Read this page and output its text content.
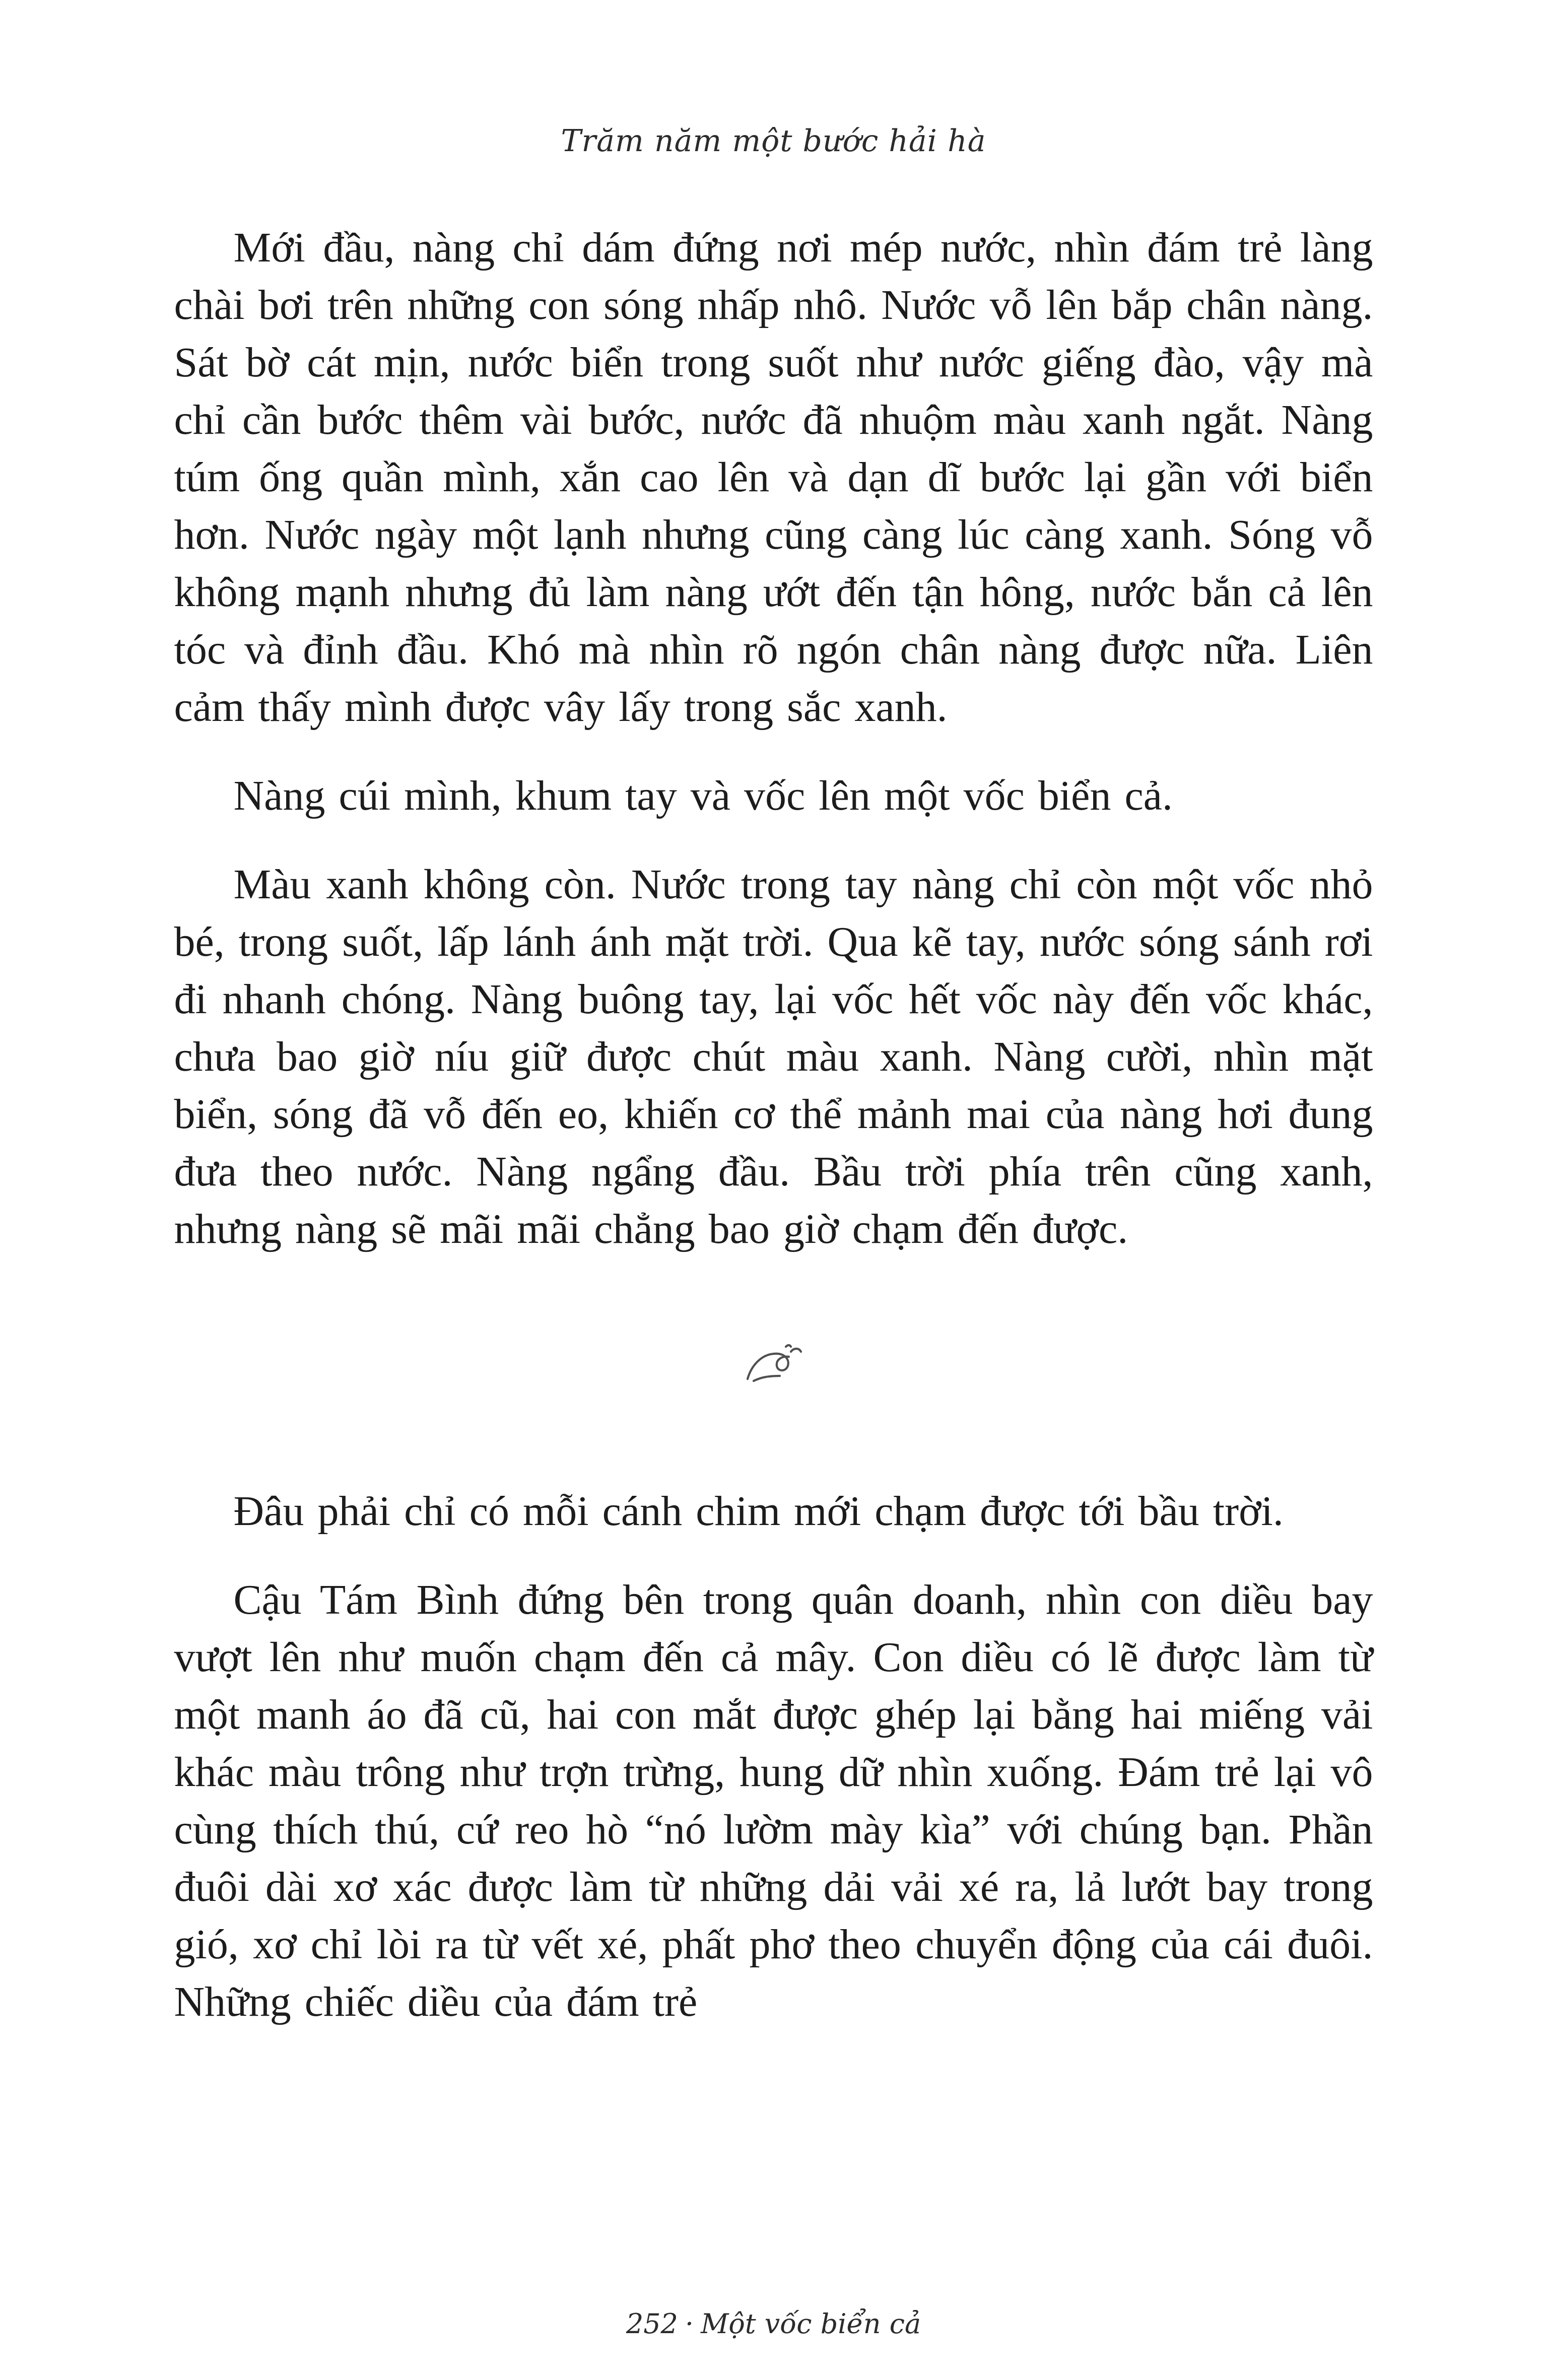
Trăm năm một bước hải hà

Mới đầu, nàng chỉ dám đứng nơi mép nước, nhìn đám trẻ làng chài bơi trên những con sóng nhấp nhô. Nước vỗ lên bắp chân nàng. Sát bờ cát mịn, nước biển trong suốt như nước giếng đào, vậy mà chỉ cần bước thêm vài bước, nước đã nhuộm màu xanh ngắt. Nàng túm ống quần mình, xắn cao lên và dạn dĩ bước lại gần với biển hơn. Nước ngày một lạnh nhưng cũng càng lúc càng xanh. Sóng vỗ không mạnh nhưng đủ làm nàng ướt đến tận hông, nước bắn cả lên tóc và đỉnh đầu. Khó mà nhìn rõ ngón chân nàng được nữa. Liên cảm thấy mình được vây lấy trong sắc xanh.

Nàng cúi mình, khum tay và vốc lên một vốc biển cả.

Màu xanh không còn. Nước trong tay nàng chỉ còn một vốc nhỏ bé, trong suốt, lấp lánh ánh mặt trời. Qua kẽ tay, nước sóng sánh rơi đi nhanh chóng. Nàng buông tay, lại vốc hết vốc này đến vốc khác, chưa bao giờ níu giữ được chút màu xanh. Nàng cười, nhìn mặt biển, sóng đã vỗ đến eo, khiến cơ thể mảnh mai của nàng hơi đung đưa theo nước. Nàng ngẩng đầu. Bầu trời phía trên cũng xanh, nhưng nàng sẽ mãi mãi chẳng bao giờ chạm đến được.

Đâu phải chỉ có mỗi cánh chim mới chạm được tới bầu trời.

Cậu Tám Bình đứng bên trong quân doanh, nhìn con diều bay vượt lên như muốn chạm đến cả mây. Con diều có lẽ được làm từ một manh áo đã cũ, hai con mắt được ghép lại bằng hai miếng vải khác màu trông như trợn trừng, hung dữ nhìn xuống. Đám trẻ lại vô cùng thích thú, cứ reo hò “nó lườm mày kìa” với chúng bạn. Phần đuôi dài xơ xác được làm từ những dải vải xé ra, lả lướt bay trong gió, xơ chỉ lòi ra từ vết xé, phất phơ theo chuyển động của cái đuôi. Những chiếc diều của đám trẻ

252 · Một vốc biển cả
